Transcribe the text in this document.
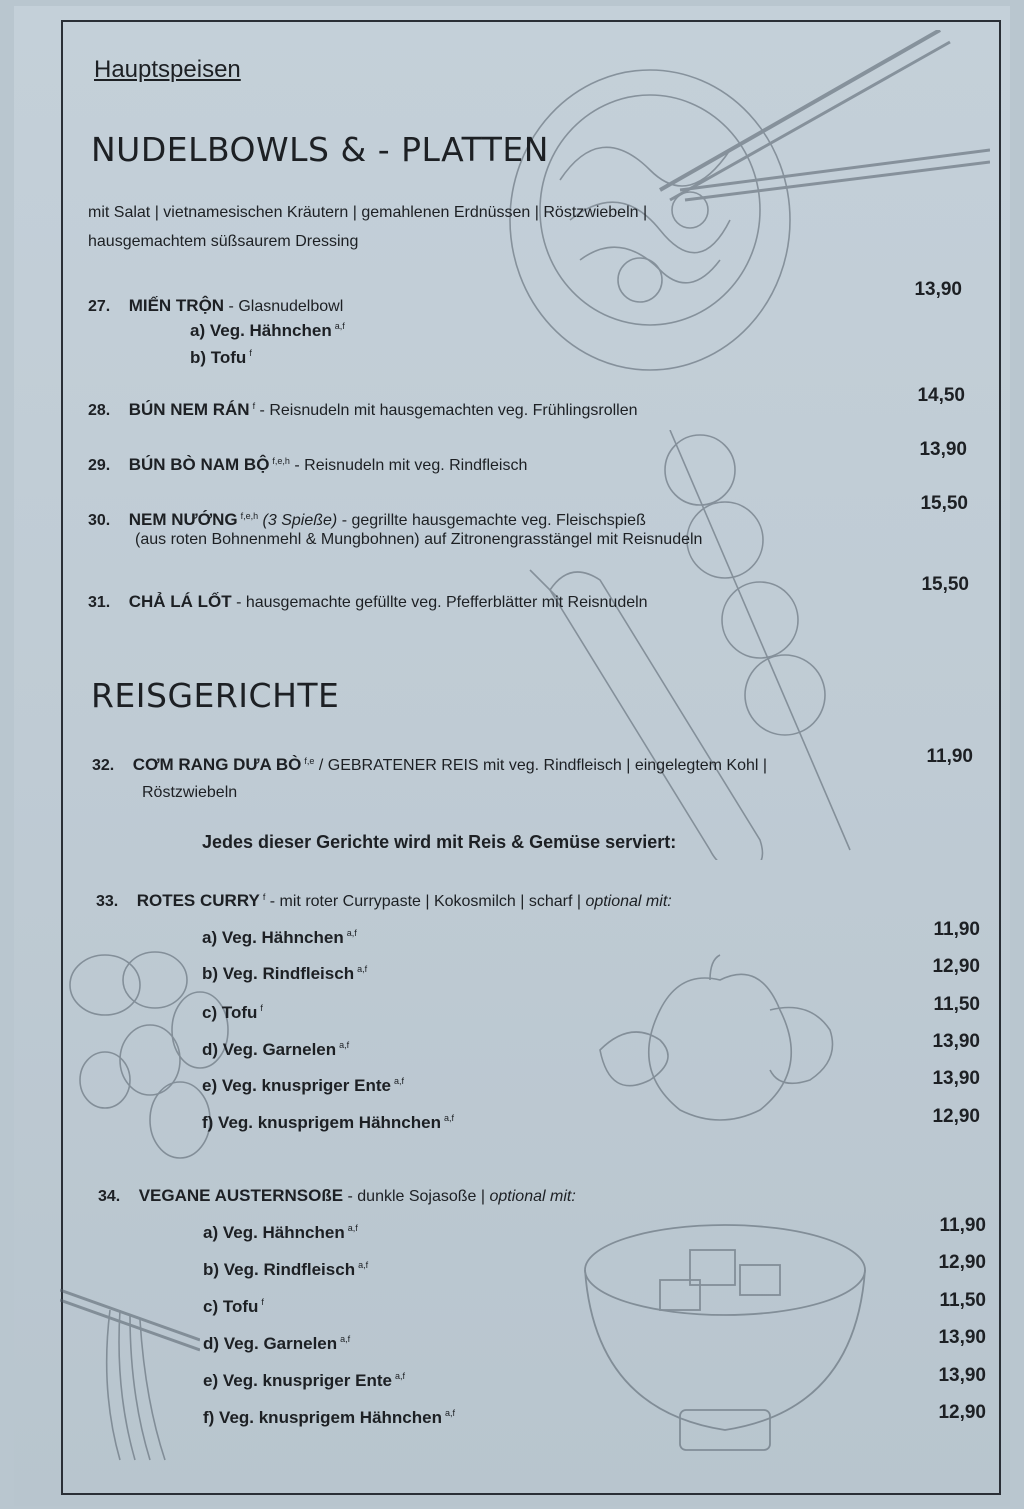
Hauptspeisen
NUDELBOWLS & - PLATTEN
mit Salat | vietnamesischen Kräutern | gemahlenen Erdnüssen | Röstzwiebeln |
hausgemachtem süßsaurem Dressing
27. MIẾN TRỘN - Glasnudelbowl
a) Veg. Hähnchen $^{a,f}$
b) Tofu $^f$
13,90
28. BÚN NEM RÁN $^f$ - Reisnudeln mit hausgemachten veg. Frühlingsrollen
14,50
29. BÚN BÒ NAM BỘ $^{f,e,h}$ - Reisnudeln mit veg. Rindfleisch
13,90
30. NEM NƯỚNG $^{f,e,h}$ (3 Spieße) - gegrillte hausgemachte veg. Fleischspieß
(aus roten Bohnenmehl & Mungbohnen) auf Zitronengrasstängel mit Reisnudeln
15,50
31. CHẢ LÁ LỐT - hausgemachte gefüllte veg. Pfefferblätter mit Reisnudeln
15,50
REISGERICHTE
32. CƠM RANG DƯA BÒ $^{f,e}$ / GEBRATENER REIS mit veg. Rindfleisch | eingelegtem Kohl |
Röstzwiebeln
11,90
Jedes dieser Gerichte wird mit Reis & Gemüse serviert:
33. ROTES CURRY $^f$ - mit roter Currypaste | Kokosmilch | scharf | optional mit:
a) Veg. Hähnchen $^{a,f}$	11,90
b) Veg. Rindfleisch $^{a,f}$	12,90
c) Tofu $^f$	11,50
d) Veg. Garnelen $^{a,f}$	13,90
e) Veg. knuspriger Ente $^{a,f}$	13,90
f) Veg. knusprigem Hähnchen $^{a,f}$	12,90
34. VEGANE AUSTERNSOßE - dunkle Sojasoße | optional mit:
a) Veg. Hähnchen $^{a,f}$	11,90
b) Veg. Rindfleisch $^{a,f}$	12,90
c) Tofu $^f$	11,50
d) Veg. Garnelen $^{a,f}$	13,90
e) Veg. knuspriger Ente $^{a,f}$	13,90
f) Veg. knusprigem Hähnchen $^{a,f}$	12,90
